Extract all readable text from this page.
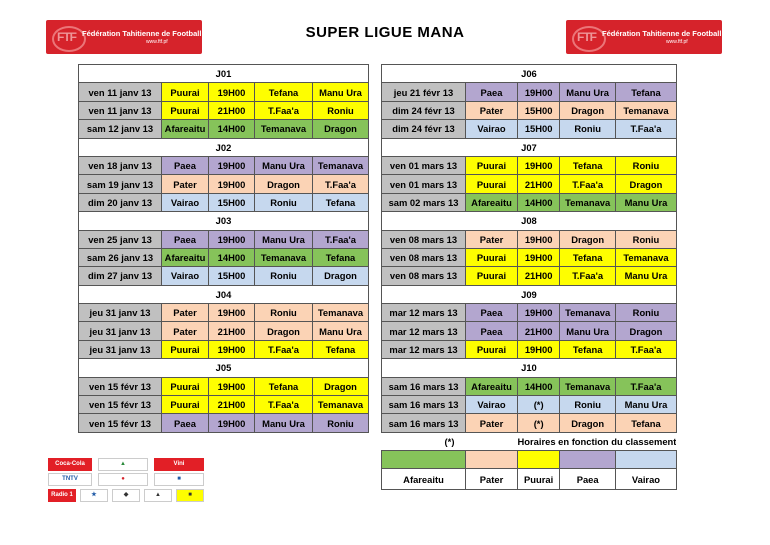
FTF Fédération Tahitienne de Football
www.ftf.pf
SUPER LIGUE MANA	FTF Fédération Tahitienne de Football
www.ftf.pf
J01				
ven 11 janv 13	Puurai	19H00	Tefana	Manu Ura
ven 11 janv 13	Puurai	21H00	T.Faa'a	Roniu
sam 12 janv 13	Afareaitu	14H00	Temanava	Dragon
J02				
ven 18 janv 13	Paea	19H00	Manu Ura	Temanava
sam 19 janv 13	Pater	19H00	Dragon	T.Faa'a
dim 20 janv 13	Vairao	15H00	Roniu	Tefana
J03				
ven 25 janv 13	Paea	19H00	Manu Ura	T.Faa'a
sam 26 janv 13	Afareaitu	14H00	Temanava	Tefana
dim 27 janv 13	Vairao	15H00	Roniu	Dragon
J04				
jeu 31 janv 13	Pater	19H00	Roniu	Temanava
jeu 31 janv 13	Pater	21H00	Dragon	Manu Ura
jeu 31 janv 13	Puurai	19H00	T.Faa'a	Tefana
J05				
ven 15 févr 13	Puurai	19H00	Tefana	Dragon
ven 15 févr 13	Puurai	21H00	T.Faa'a	Temanava
ven 15 févr 13	Paea	19H00	Manu Ura	Roniu
J06				
jeu 21 févr 13	Paea	19H00	Manu Ura	Tefana
dim 24 févr 13	Pater	15H00	Dragon	Temanava
dim 24 févr 13	Vairao	15H00	Roniu	T.Faa'a
J07				
ven 01 mars 13	Puurai	19H00	Tefana	Roniu
ven 01 mars 13	Puurai	21H00	T.Faa'a	Dragon
sam 02 mars 13	Afareaitu	14H00	Temanava	Manu Ura
J08				
ven 08 mars 13	Pater	19H00	Dragon	Roniu
ven 08 mars 13	Puurai	19H00	Tefana	Temanava
ven 08 mars 13	Puurai	21H00	T.Faa'a	Manu Ura
J09				
mar 12 mars 13	Paea	19H00	Temanava	Roniu
mar 12 mars 13	Paea	21H00	Manu Ura	Dragon
mar 12 mars 13	Puurai	19H00	Tefana	T.Faa'a
J10				
sam 16 mars 13	Afareaitu	14H00	Temanava	T.Faa'a
sam 16 mars 13	Vairao	(*)	Roniu	Manu Ura
sam 16 mars 13	Pater	(*)	Dragon	Tefana
(*)		Horaires en fonction du classement		

Afareaitu	Pater	Puurai	Paea	Vairao
Coca-Cola	▲	Vini
TNTV	●	■
Radio 1	★	◆	▲	■
